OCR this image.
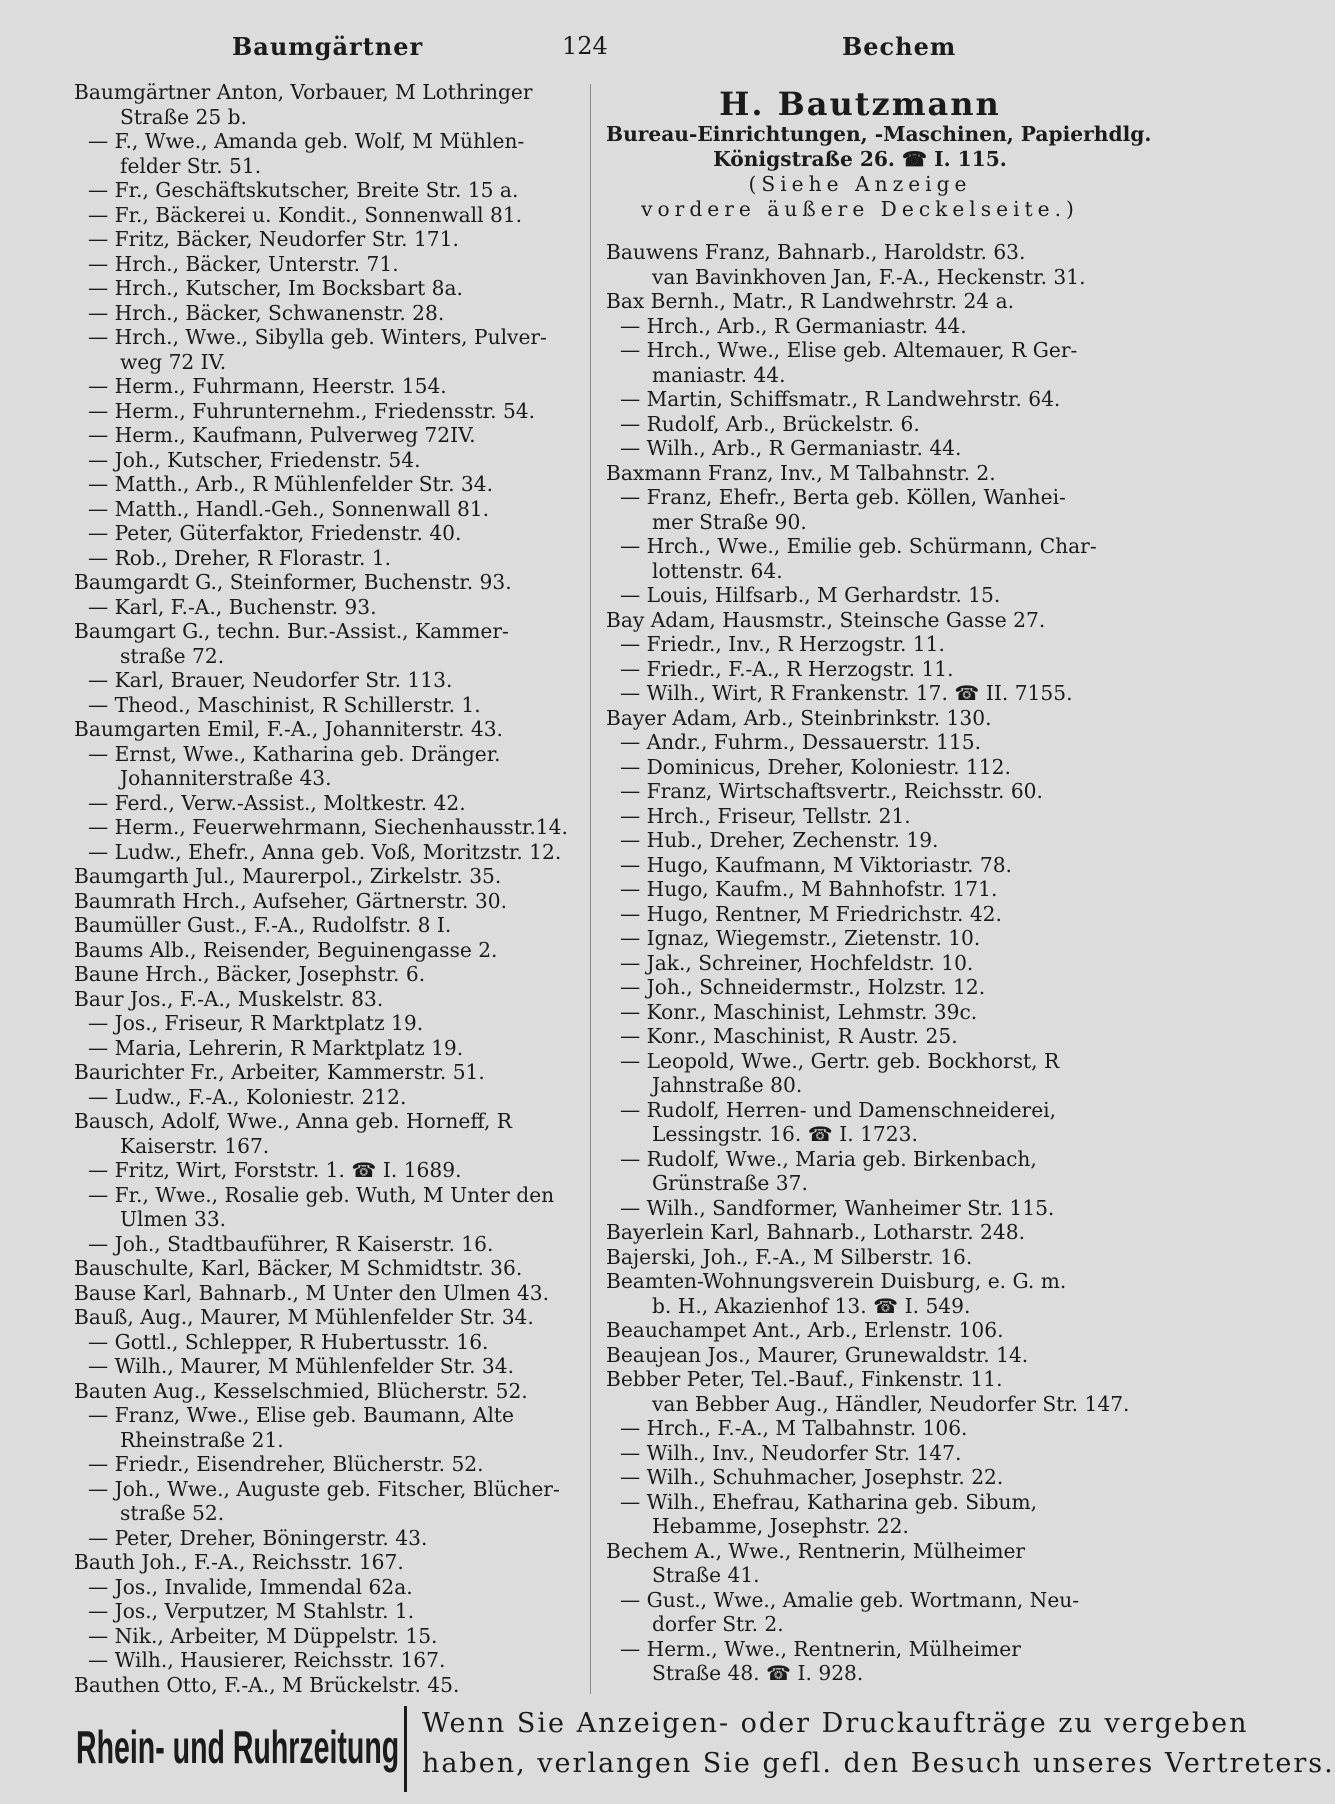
Baumgärtner	124	Bechem
Baumgärtner Anton, Vorbauer, M Lothringer
Straße 25 b.
— F., Wwe., Amanda geb. Wolf, M Mühlen-
felder Str. 51.
— Fr., Geschäftskutscher, Breite Str. 15 a.
— Fr., Bäckerei u. Kondit., Sonnenwall 81.
— Fritz, Bäcker, Neudorfer Str. 171.
— Hrch., Bäcker, Unterstr. 71.
— Hrch., Kutscher, Im Bocksbart 8a.
— Hrch., Bäcker, Schwanenstr. 28.
— Hrch., Wwe., Sibylla geb. Winters, Pulver-
weg 72 IV.
— Herm., Fuhrmann, Heerstr. 154.
— Herm., Fuhrunternehm., Friedensstr. 54.
— Herm., Kaufmann, Pulverweg 72IV.
— Joh., Kutscher, Friedenstr. 54.
— Matth., Arb., R Mühlenfelder Str. 34.
— Matth., Handl.-Geh., Sonnenwall 81.
— Peter, Güterfaktor, Friedenstr. 40.
— Rob., Dreher, R Florastr. 1.
Baumgardt G., Steinformer, Buchenstr. 93.
— Karl, F.-A., Buchenstr. 93.
Baumgart G., techn. Bur.-Assist., Kammer-
straße 72.
— Karl, Brauer, Neudorfer Str. 113.
— Theod., Maschinist, R Schillerstr. 1.
Baumgarten Emil, F.-A., Johanniterstr. 43.
— Ernst, Wwe., Katharina geb. Dränger.
Johanniterstraße 43.
— Ferd., Verw.-Assist., Moltkestr. 42.
— Herm., Feuerwehrmann, Siechenhausstr.14.
— Ludw., Ehefr., Anna geb. Voß, Moritzstr. 12.
Baumgarth Jul., Maurerpol., Zirkelstr. 35.
Baumrath Hrch., Aufseher, Gärtnerstr. 30.
Baumüller Gust., F.-A., Rudolfstr. 8 I.
Baums Alb., Reisender, Beguinengasse 2.
Baune Hrch., Bäcker, Josephstr. 6.
Baur Jos., F.-A., Muskelstr. 83.
— Jos., Friseur, R Marktplatz 19.
— Maria, Lehrerin, R Marktplatz 19.
Baurichter Fr., Arbeiter, Kammerstr. 51.
— Ludw., F.-A., Koloniestr. 212.
Bausch, Adolf, Wwe., Anna geb. Horneff, R
Kaiserstr. 167.
— Fritz, Wirt, Forststr. 1. ☎ I. 1689.
— Fr., Wwe., Rosalie geb. Wuth, M Unter den
Ulmen 33.
— Joh., Stadtbauführer, R Kaiserstr. 16.
Bauschulte, Karl, Bäcker, M Schmidtstr. 36.
Bause Karl, Bahnarb., M Unter den Ulmen 43.
Bauß, Aug., Maurer, M Mühlenfelder Str. 34.
— Gottl., Schlepper, R Hubertusstr. 16.
— Wilh., Maurer, M Mühlenfelder Str. 34.
Bauten Aug., Kesselschmied, Blücherstr. 52.
— Franz, Wwe., Elise geb. Baumann, Alte
Rheinstraße 21.
— Friedr., Eisendreher, Blücherstr. 52.
— Joh., Wwe., Auguste geb. Fitscher, Blücher-
straße 52.
— Peter, Dreher, Böningerstr. 43.
Bauth Joh., F.-A., Reichsstr. 167.
— Jos., Invalide, Immendal 62a.
— Jos., Verputzer, M Stahlstr. 1.
— Nik., Arbeiter, M Düppelstr. 15.
— Wilh., Hausierer, Reichsstr. 167.
Bauthen Otto, F.-A., M Brückelstr. 45.
H. Bautzmann
Bureau-Einrichtungen, -Maschinen, Papierhdlg.
Königstraße 26. ☎ I. 115.
(Siehe Anzeige
vordere äußere Deckelseite.)
Bauwens Franz, Bahnarb., Haroldstr. 63.
van Bavinkhoven Jan, F.-A., Heckenstr. 31.
Bax Bernh., Matr., R Landwehrstr. 24 a.
— Hrch., Arb., R Germaniastr. 44.
— Hrch., Wwe., Elise geb. Altemauer, R Ger-
maniastr. 44.
— Martin, Schiffsmatr., R Landwehrstr. 64.
— Rudolf, Arb., Brückelstr. 6.
— Wilh., Arb., R Germaniastr. 44.
Baxmann Franz, Inv., M Talbahnstr. 2.
— Franz, Ehefr., Berta geb. Köllen, Wanhei-
mer Straße 90.
— Hrch., Wwe., Emilie geb. Schürmann, Char-
lottenstr. 64.
— Louis, Hilfsarb., M Gerhardstr. 15.
Bay Adam, Hausmstr., Steinsche Gasse 27.
— Friedr., Inv., R Herzogstr. 11.
— Friedr., F.-A., R Herzogstr. 11.
— Wilh., Wirt, R Frankenstr. 17. ☎ II. 7155.
Bayer Adam, Arb., Steinbrinkstr. 130.
— Andr., Fuhrm., Dessauerstr. 115.
— Dominicus, Dreher, Koloniestr. 112.
— Franz, Wirtschaftsvertr., Reichsstr. 60.
— Hrch., Friseur, Tellstr. 21.
— Hub., Dreher, Zechenstr. 19.
— Hugo, Kaufmann, M Viktoriastr. 78.
— Hugo, Kaufm., M Bahnhofstr. 171.
— Hugo, Rentner, M Friedrichstr. 42.
— Ignaz, Wiegemstr., Zietenstr. 10.
— Jak., Schreiner, Hochfeldstr. 10.
— Joh., Schneidermstr., Holzstr. 12.
— Konr., Maschinist, Lehmstr. 39c.
— Konr., Maschinist, R Austr. 25.
— Leopold, Wwe., Gertr. geb. Bockhorst, R
Jahnstraße 80.
— Rudolf, Herren- und Damenschneiderei,
Lessingstr. 16. ☎ I. 1723.
— Rudolf, Wwe., Maria geb. Birkenbach,
Grünstraße 37.
— Wilh., Sandformer, Wanheimer Str. 115.
Bayerlein Karl, Bahnarb., Lotharstr. 248.
Bajerski, Joh., F.-A., M Silberstr. 16.
Beamten-Wohnungsverein Duisburg, e. G. m.
b. H., Akazienhof 13. ☎ I. 549.
Beauchampet Ant., Arb., Erlenstr. 106.
Beaujean Jos., Maurer, Grunewaldstr. 14.
Bebber Peter, Tel.-Bauf., Finkenstr. 11.
van Bebber Aug., Händler, Neudorfer Str. 147.
— Hrch., F.-A., M Talbahnstr. 106.
— Wilh., Inv., Neudorfer Str. 147.
— Wilh., Schuhmacher, Josephstr. 22.
— Wilh., Ehefrau, Katharina geb. Sibum,
Hebamme, Josephstr. 22.
Bechem A., Wwe., Rentnerin, Mülheimer
Straße 41.
— Gust., Wwe., Amalie geb. Wortmann, Neu-
dorfer Str. 2.
— Herm., Wwe., Rentnerin, Mülheimer
Straße 48. ☎ I. 928.
Rhein- und Ruhrzeitung Wenn Sie Anzeigen- oder Druckaufträge zu vergeben
haben, verlangen Sie gefl. den Besuch unseres Vertreters.
